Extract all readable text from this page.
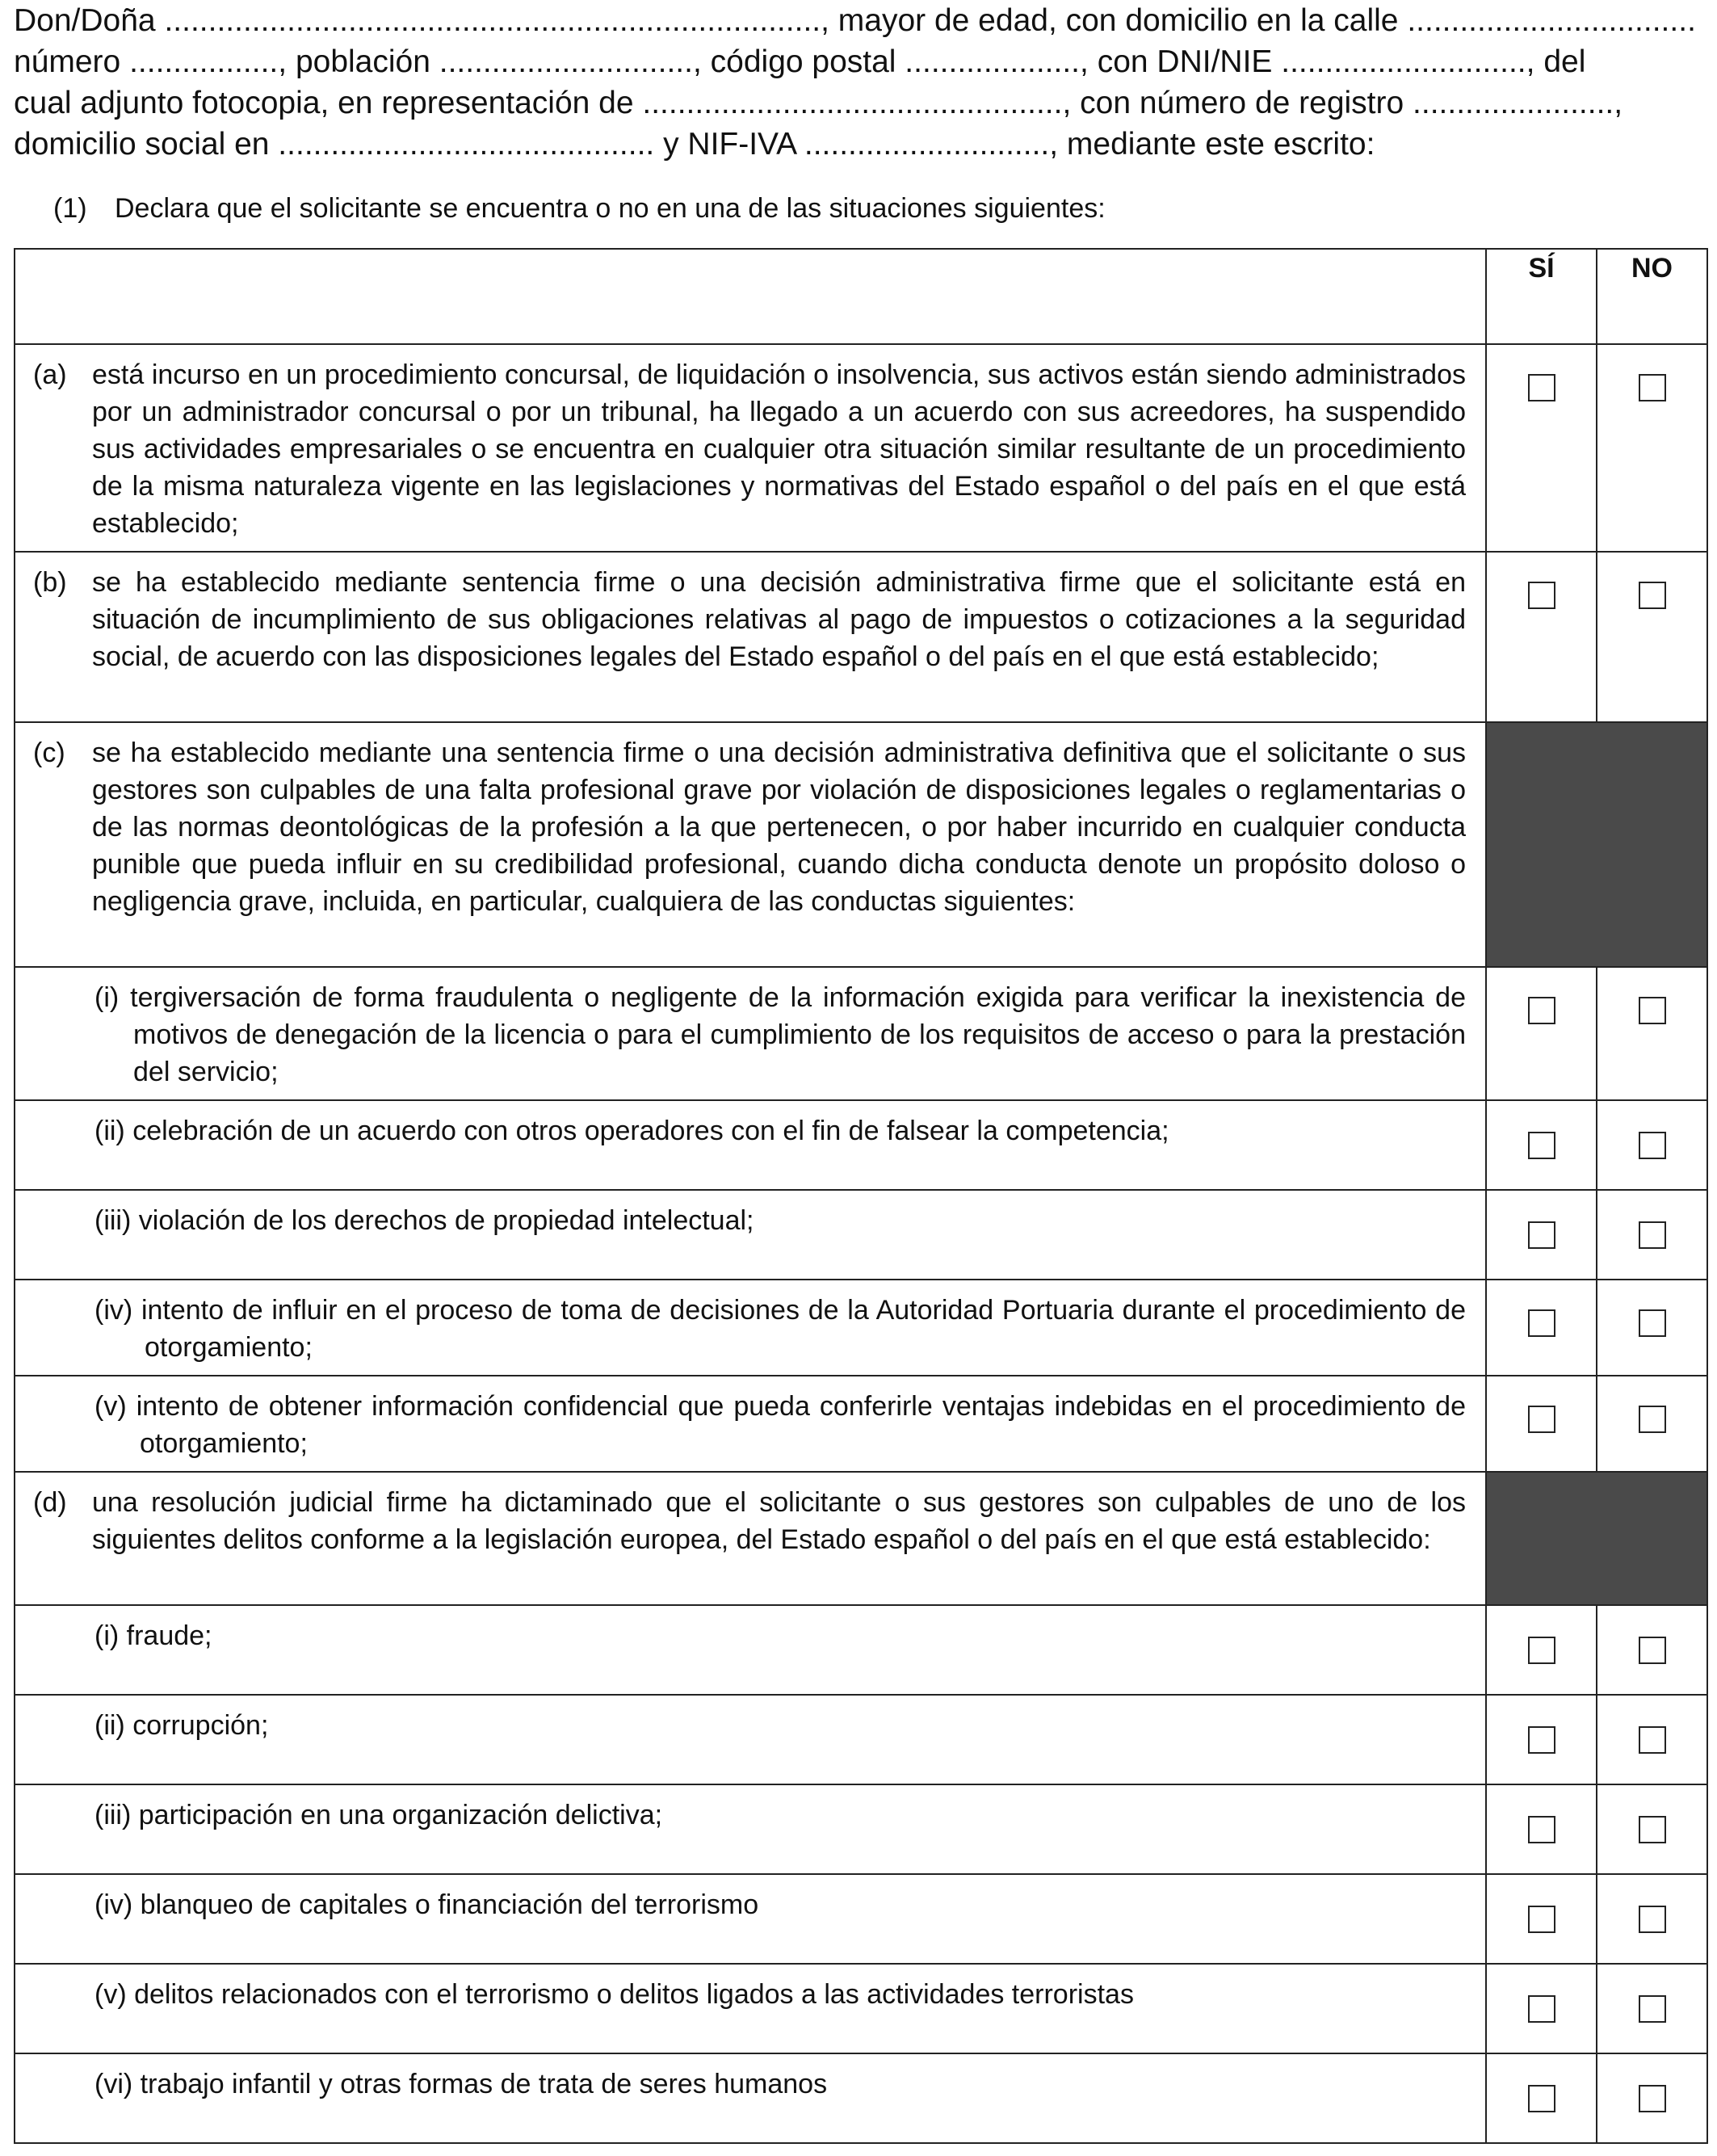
Don/Doña ..........................................................................., mayor de edad, con domicilio en la calle .................................
número ................., población ............................., código postal ...................., con DNI/NIE ............................, del
cual adjunto fotocopia, en representación de ................................................, con número de registro .......................,
domicilio social en ........................................... y NIF-IVA ............................, mediante este escrito:
(1) Declara que el solicitante se encuentra o no en una de las situaciones siguientes:
	SÍ	NO

(a) está incurso en un procedimiento concursal, de liquidación o insolvencia, sus activos están siendo administrados por un administrador concursal o por un tribunal, ha llegado a un acuerdo con sus acreedores, ha suspendido sus actividades empresariales o se encuentra en cualquier otra situación similar resultante de un procedimiento de la misma naturaleza vigente en las legislaciones y normativas del Estado español o del país en el que está establecido;		

(b) se ha establecido mediante sentencia firme o una decisión administrativa firme que el solicitante está en situación de incumplimiento de sus obligaciones relativas al pago de impuestos o cotizaciones a la seguridad social, de acuerdo con las disposiciones legales del Estado español o del país en el que está establecido;		

(c) se ha establecido mediante una sentencia firme o una decisión administrativa definitiva que el solicitante o sus gestores son culpables de una falta profesional grave por violación de disposiciones legales o reglamentarias o de las normas deontológicas de la profesión a la que pertenecen, o por haber incurrido en cualquier conducta punible que pueda influir en su credibilidad profesional, cuando dicha conducta denote un propósito doloso o negligencia grave, incluida, en particular, cualquiera de las conductas siguientes:		

(i) tergiversación de forma fraudulenta o negligente de la información exigida para verificar la inexistencia de motivos de denegación de la licencia o para el cumplimiento de los requisitos de acceso o para la prestación del servicio;		

(ii) celebración de un acuerdo con otros operadores con el fin de falsear la competencia;		

(iii) violación de los derechos de propiedad intelectual;		

(iv) intento de influir en el proceso de toma de decisiones de la Autoridad Portuaria durante el procedimiento de otorgamiento;		

(v) intento de obtener información confidencial que pueda conferirle ventajas indebidas en el procedimiento de otorgamiento;		

(d) una resolución judicial firme ha dictaminado que el solicitante o sus gestores son culpables de uno de los siguientes delitos conforme a la legislación europea, del Estado español o del país en el que está establecido:		

(i) fraude;		

(ii) corrupción;		

(iii) participación en una organización delictiva;		

(iv) blanqueo de capitales o financiación del terrorismo		

(v) delitos relacionados con el terrorismo o delitos ligados a las actividades terroristas		

(vi) trabajo infantil y otras formas de trata de seres humanos		
